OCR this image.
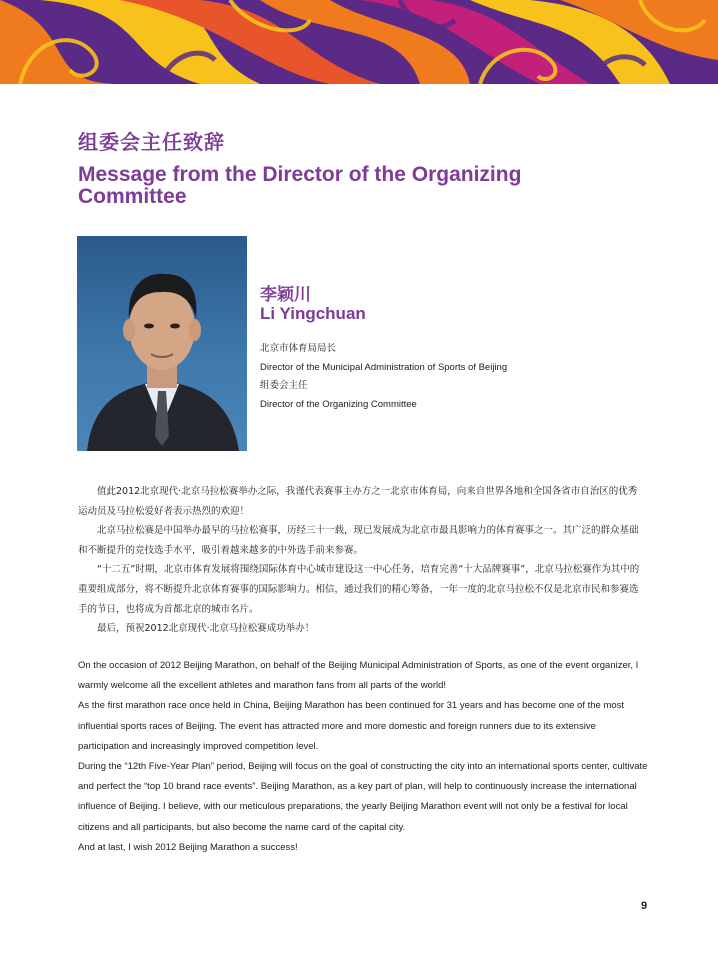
组委会主任致辞
Message from the Director of the Organizing Committee
李颖川
Li Yingchuan
北京市体育局局长
Director of the Municipal Administration of Sports of Beijing
组委会主任
Director of the Organizing Committee

值此2012北京现代·北京马拉松赛举办之际，我谨代表赛事主办方之一北京市体育局，向来自世界各地和全国各省市自治区的优秀运动员及马拉松爱好者表示热烈的欢迎！

北京马拉松赛是中国举办最早的马拉松赛事，历经三十一载，现已发展成为北京市最具影响力的体育赛事之一。其广泛的群众基础和不断提升的竞技选手水平，吸引着越来越多的中外选手前来参赛。

“十二五”时期，北京市体育发展将围绕国际体育中心城市建设这一中心任务，培育完善“十大品牌赛事”，北京马拉松赛作为其中的重要组成部分，将不断提升北京体育赛事的国际影响力。相信，通过我们的精心筹备，一年一度的北京马拉松不仅是北京市民和参赛选手的节日，也将成为首都北京的城市名片。

最后，预祝2012北京现代·北京马拉松赛成功举办！

On the occasion of 2012 Beijing Marathon, on behalf of the Beijing Municipal Administration of Sports, as one of the event organizer, I warmly welcome all the excellent athletes and marathon fans from all parts of the world!

As the first marathon race once held in China, Beijing Marathon has been continued for 31 years and has become one of the most influential sports races of Beijing. The event has attracted more and more domestic and foreign runners due to its extensive participation and increasingly improved competition level.

During the “12th Five-Year Plan” period, Beijing will focus on the goal of constructing the city into an international sports center, cultivate and perfect the “top 10 brand race events”. Beijing Marathon, as a key part of plan, will help to continuously increase the international influence of Beijing. I believe, with our meticulous preparations, the yearly Beijing Marathon event will not only be a festival for local citizens and all participants, but also become the name card of the capital city.

And at last, I wish 2012 Beijing Marathon a success!

9
